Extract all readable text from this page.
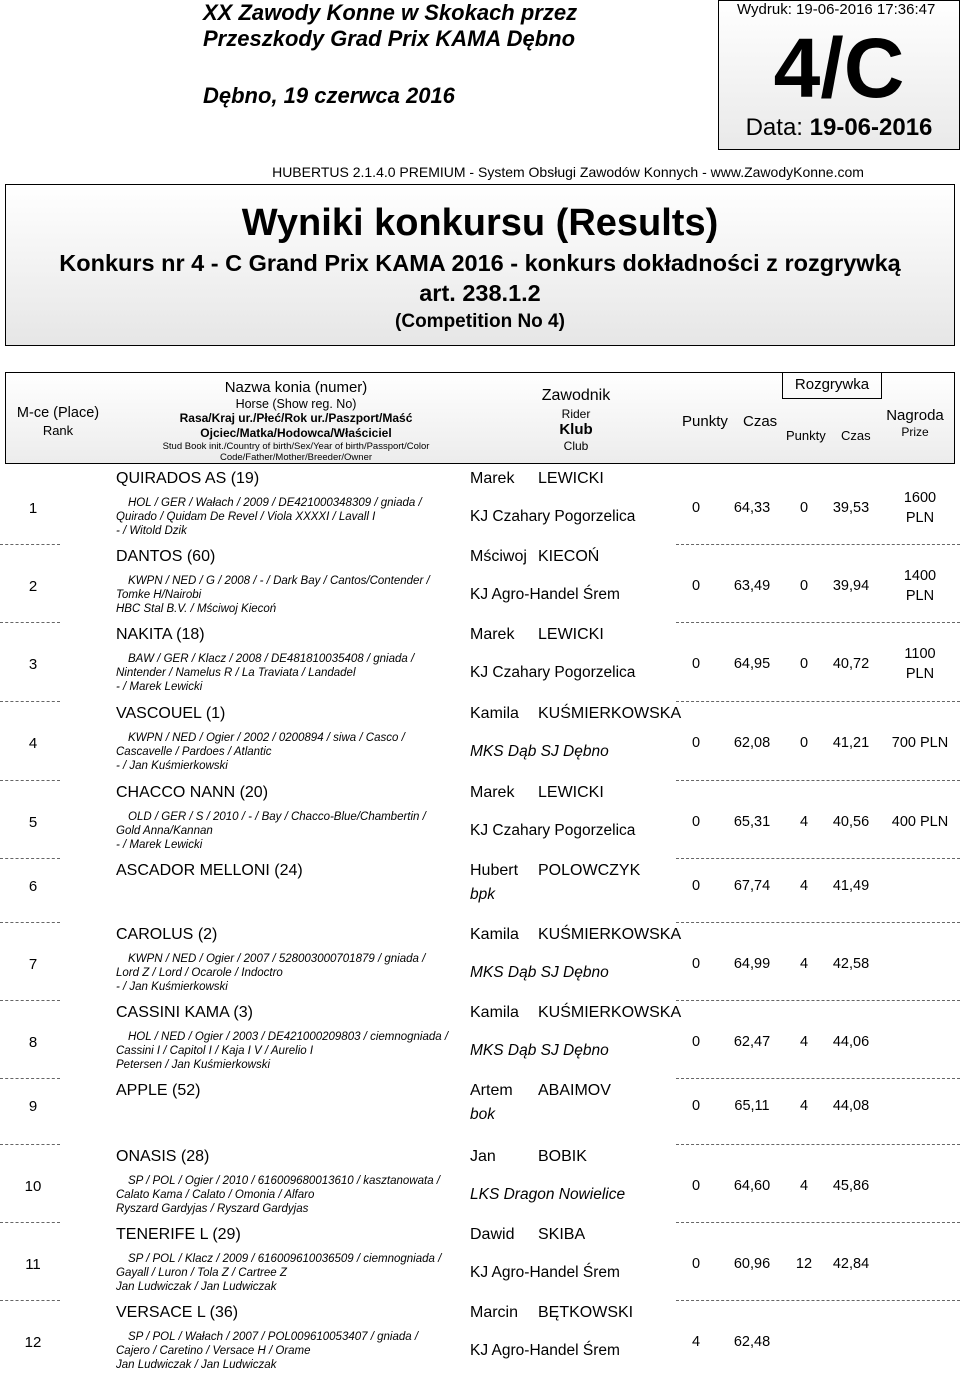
XX Zawody Konne w Skokach przez
Przeszkody Grad Prix KAMA Dębno
Dębno, 19 czerwca 2016
Wydruk: 19-06-2016 17:36:47
4/C
Data: 19-06-2016
HUBERTUS 2.1.4.0 PREMIUM - System Obsługi Zawodów Konnych - www.ZawodyKonne.com
Wyniki konkursu (Results)
Konkurs nr 4 - C Grand Prix KAMA 2016 - konkurs dokładności z rozgrywką
art. 238.1.2
(Competition No 4)
M-ce (Place)
Rank
Nazwa konia (numer)
Horse (Show reg. No)
Rasa/Kraj ur./Płeć/Rok ur./Paszport/Maść
Ojciec/Matka/Hodowca/Właściciel
Stud Book init./Country of birth/Sex/Year of birth/Passport/Color
Code/Father/Mother/Breeder/Owner
Zawodnik
Rider
Klub
Club
Punkty Czas
Rozgrywka
Punkty Czas
Nagroda
Prize
1
QUIRADOS AS (19)
HOL / GER / Wałach / 2009 / DE421000348309 / gniada /
Quirado / Quidam De Revel / Viola XXXXI / Lavall I
- / Witold Dzik
Marek LEWICKI
KJ Czahary Pogorzelica	0	64,33	0	39,53
1600
PLN
2
DANTOS (60)
KWPN / NED / G / 2008 / - / Dark Bay / Cantos/Contender /
Tomke H/Nairobi
HBC Stal B.V. / Mściwoj Kiecoń
Mściwoj KIECOŃ
KJ Agro-Handel Śrem	0	63,49	0	39,94
1400
PLN
3
NAKITA (18)
BAW / GER / Klacz / 2008 / DE481810035408 / gniada /
Nintender / Namelus R / La Traviata / Landadel
- / Marek Lewicki
Marek LEWICKI
KJ Czahary Pogorzelica	0	64,95	0	40,72
1100
PLN
4
VASCOUEL (1)
KWPN / NED / Ogier / 2002 / 0200894 / siwa / Casco /
Cascavelle / Pardoes / Atlantic
- / Jan Kuśmierkowski
Kamila KUŚMIERKOWSKA
MKS Dąb SJ Dębno	0	62,08	0	41,21	700 PLN
5
CHACCO NANN (20)
OLD / GER / S / 2010 / - / Bay / Chacco-Blue/Chambertin /
Gold Anna/Kannan
- / Marek Lewicki
Marek LEWICKI
KJ Czahary Pogorzelica	0	65,31	4	40,56	400 PLN
6
ASCADOR MELLONI (24)	Hubert POLOWCZYK
bpk	0	67,74	4	41,49
7
CAROLUS (2)
KWPN / NED / Ogier / 2007 / 528003000701879 / gniada /
Lord Z / Lord / Ocarole / Indoctro
- / Jan Kuśmierkowski
Kamila KUŚMIERKOWSKA
MKS Dąb SJ Dębno	0	64,99	4	42,58
8
CASSINI KAMA (3)
HOL / NED / Ogier / 2003 / DE421000209803 / ciemnogniada /
Cassini I / Capitol I / Kaja I V / Aurelio I
Petersen / Jan Kuśmierkowski
Kamila KUŚMIERKOWSKA
MKS Dąb SJ Dębno	0	62,47	4	44,06
9
APPLE (52)	Artem ABAIMOV
bok	0	65,11	4	44,08
10
ONASIS (28)
SP / POL / Ogier / 2010 / 616009680013610 / kasztanowata /
Calato Kama / Calato / Omonia / Alfaro
Ryszard Gardyjas / Ryszard Gardyjas
Jan	BOBIK
LKS Dragon Nowielice	0	64,60	4	45,86
11
TENERIFE L (29)
SP / POL / Klacz / 2009 / 616009610036509 / ciemnogniada /
Gayall / Luron / Tola Z / Cartree Z
Jan Ludwiczak / Jan Ludwiczak
Dawid SKIBA
KJ Agro-Handel Śrem	0	60,96	12	42,84
12
VERSACE L (36)
SP / POL / Wałach / 2007 / POL009610053407 / gniada /
Cajero / Caretino / Versace H / Orame
Jan Ludwiczak / Jan Ludwiczak
Marcin BĘTKOWSKI
KJ Agro-Handel Śrem	4	62,48
